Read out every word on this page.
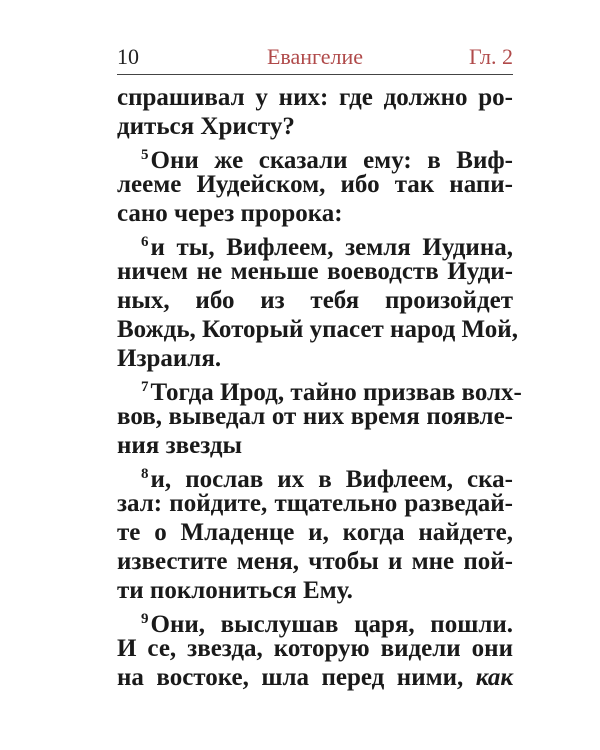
10	Евангелие	Гл. 2
спрашивал у них: где должно ро-
диться Христу?
$^5$Они же сказали ему: в Виф-
лееме Иудейском, ибо так напи-
сано через пророка:
$^6$и ты, Вифлеем, земля Иудина,
ничем не меньше воеводств Иуди-
ных, ибо из тебя произойдет
Вождь, Который упасет народ Мой,
Израиля.
$^7$Тогда Ирод, тайно призвав волх-
вов, выведал от них время появле-
ния звезды
$^8$и, послав их в Вифлеем, ска-
зал: пойдите, тщательно разведай-
те о Младенце и, когда найдете,
известите меня, чтобы и мне пой-
ти поклониться Ему.
$^9$Они, выслушав царя, пошли.
И се, звезда, которую видели они
на востоке, шла перед ними, как
